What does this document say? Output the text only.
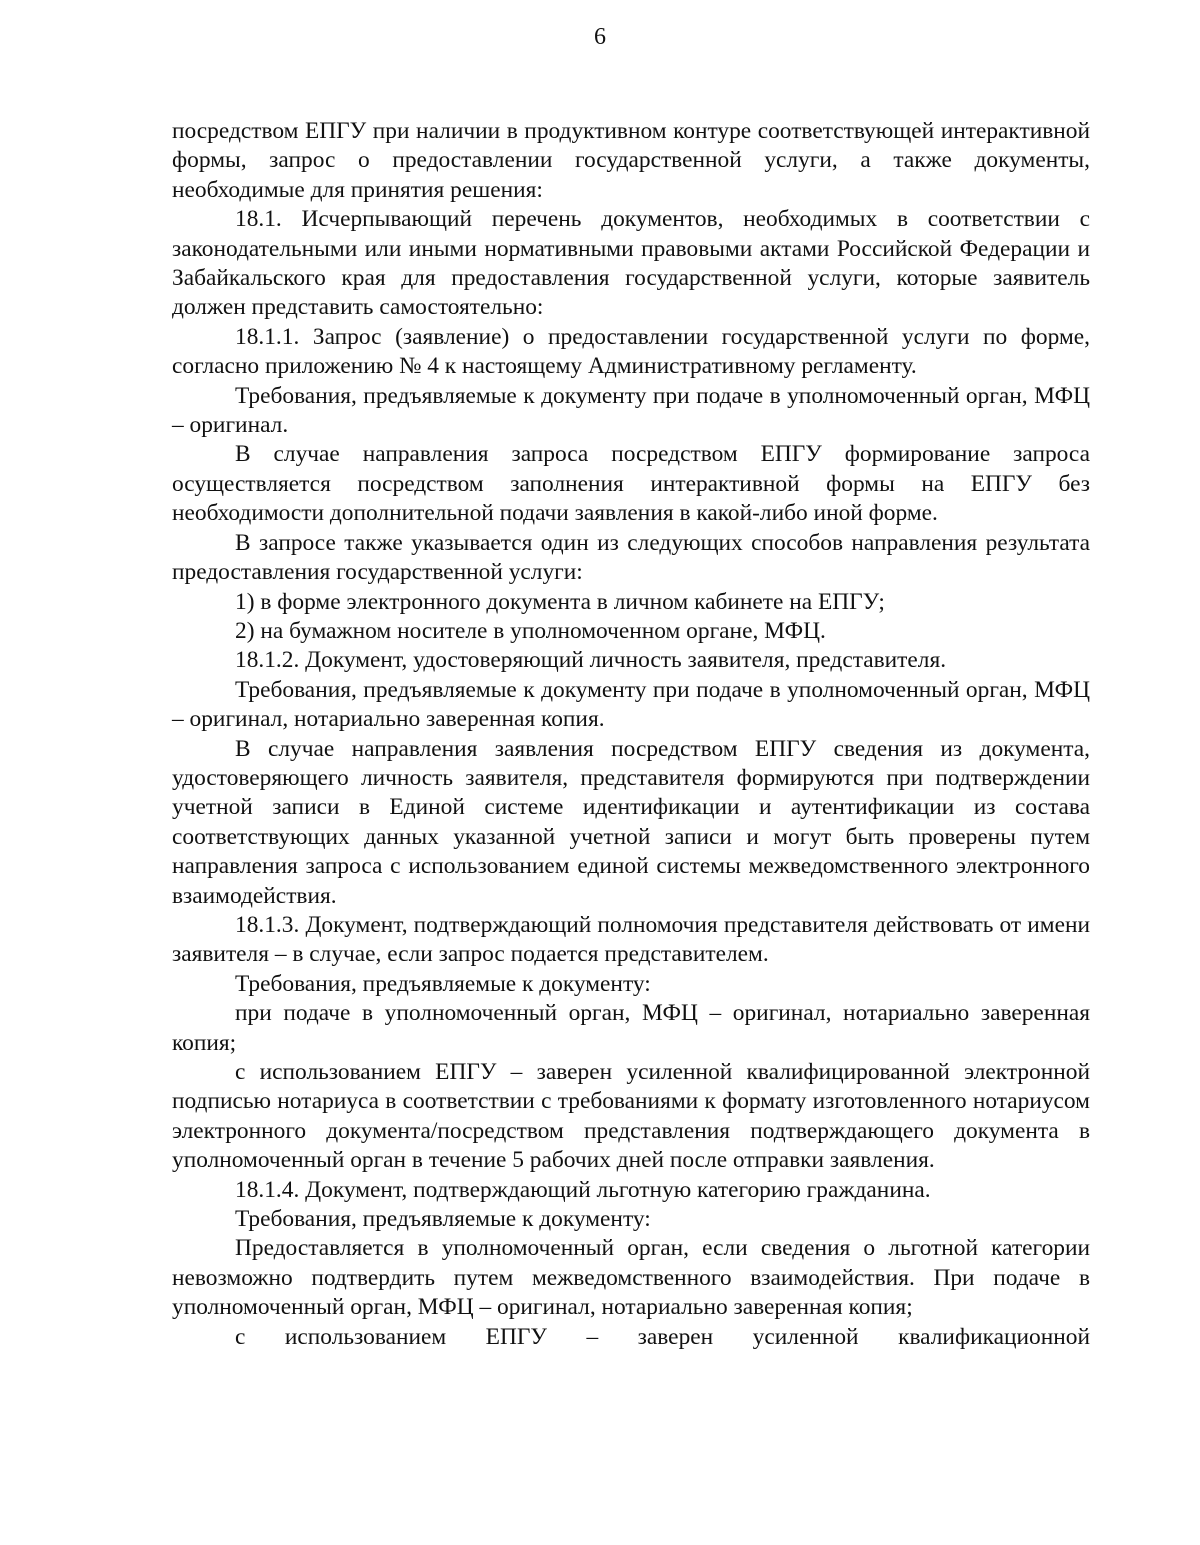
6

посредством ЕПГУ при наличии в продуктивном контуре соответствующей интерактивной формы, запрос о предоставлении государственной услуги, а также документы, необходимые для принятия решения:

18.1. Исчерпывающий перечень документов, необходимых в соответствии с законодательными или иными нормативными правовыми актами Российской Федерации и Забайкальского края для предоставления государственной услуги, которые заявитель должен представить самостоятельно:

18.1.1. Запрос (заявление) о предоставлении государственной услуги по форме, согласно приложению № 4 к настоящему Административному регламенту.

Требования, предъявляемые к документу при подаче в уполномоченный орган, МФЦ – оригинал.

В случае направления запроса посредством ЕПГУ формирование запроса осуществляется посредством заполнения интерактивной формы на ЕПГУ без необходимости дополнительной подачи заявления в какой-либо иной форме.

В запросе также указывается один из следующих способов направления результата предоставления государственной услуги:

1) в форме электронного документа в личном кабинете на ЕПГУ;

2) на бумажном носителе в уполномоченном органе, МФЦ.

18.1.2. Документ, удостоверяющий личность заявителя, представителя.

Требования, предъявляемые к документу при подаче в уполномоченный орган, МФЦ – оригинал, нотариально заверенная копия.

В случае направления заявления посредством ЕПГУ сведения из документа, удостоверяющего личность заявителя, представителя формируются при подтверждении учетной записи в Единой системе идентификации и аутентификации из состава соответствующих данных указанной учетной записи и могут быть проверены путем направления запроса с использованием единой системы межведомственного электронного взаимодействия.

18.1.3. Документ, подтверждающий полномочия представителя действовать от имени заявителя – в случае, если запрос подается представителем.

Требования, предъявляемые к документу:

при подаче в уполномоченный орган, МФЦ – оригинал, нотариально заверенная копия;

с использованием ЕПГУ – заверен усиленной квалифицированной электронной подписью нотариуса в соответствии с требованиями к формату изготовленного нотариусом электронного документа/посредством представления подтверждающего документа в уполномоченный орган в течение 5 рабочих дней после отправки заявления.

18.1.4. Документ, подтверждающий льготную категорию гражданина.

Требования, предъявляемые к документу:

Предоставляется в уполномоченный орган, если сведения о льготной категории невозможно подтвердить путем межведомственного взаимодействия. При подаче в уполномоченный орган, МФЦ – оригинал, нотариально заверенная копия;

с использованием ЕПГУ – заверен усиленной квалификационной
